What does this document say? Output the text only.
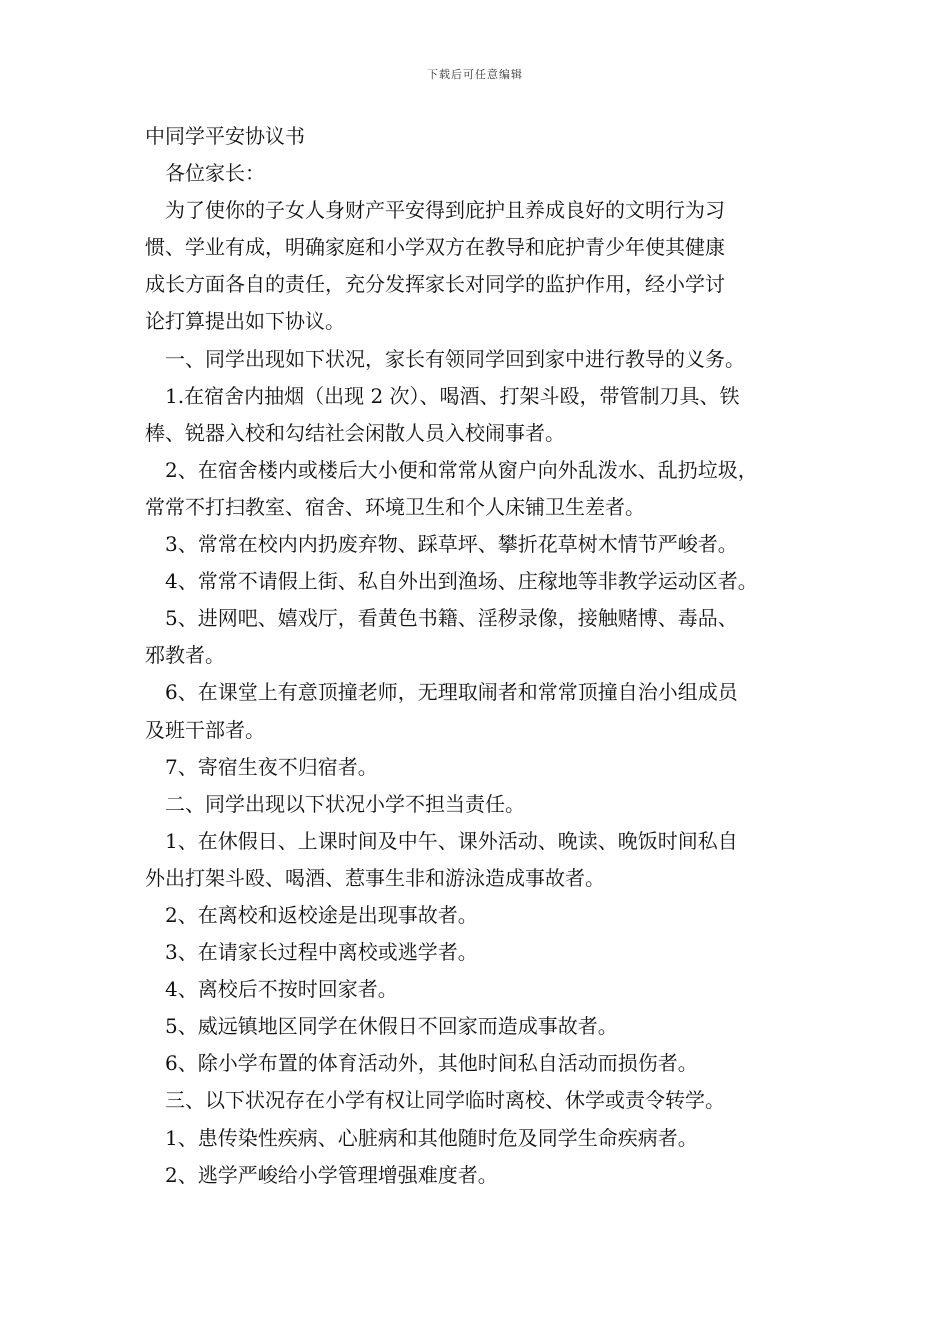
下载后可任意编辑

中同学平安协议书

各位家长：

为了使你的子女人身财产平安得到庇护且养成良好的文明行为习

惯、学业有成，明确家庭和小学双方在教导和庇护青少年使其健康

成长方面各自的责任，充分发挥家长对同学的监护作用，经小学讨

论打算提出如下协议。

一、同学出现如下状况，家长有领同学回到家中进行教导的义务。

1.在宿舍内抽烟（出现 2 次）、喝酒、打架斗殴，带管制刀具、铁

棒、锐器入校和勾结社会闲散人员入校闹事者。

2、在宿舍楼内或楼后大小便和常常从窗户向外乱泼水、乱扔垃圾，

常常不打扫教室、宿舍、环境卫生和个人床铺卫生差者。

3、常常在校内内扔废弃物、踩草坪、攀折花草树木情节严峻者。

4、常常不请假上街、私自外出到渔场、庄稼地等非教学运动区者。

5、进网吧、嬉戏厅，看黄色书籍、淫秽录像，接触赌博、毒品、

邪教者。

6、在课堂上有意顶撞老师，无理取闹者和常常顶撞自治小组成员

及班干部者。

7、寄宿生夜不归宿者。

二、同学出现以下状况小学不担当责任。

1、在休假日、上课时间及中午、课外活动、晚读、晚饭时间私自

外出打架斗殴、喝酒、惹事生非和游泳造成事故者。

2、在离校和返校途是出现事故者。

3、在请家长过程中离校或逃学者。

4、离校后不按时回家者。

5、威远镇地区同学在休假日不回家而造成事故者。

6、除小学布置的体育活动外，其他时间私自活动而损伤者。

三、以下状况存在小学有权让同学临时离校、休学或责令转学。

1、患传染性疾病、心脏病和其他随时危及同学生命疾病者。

2、逃学严峻给小学管理增强难度者。
